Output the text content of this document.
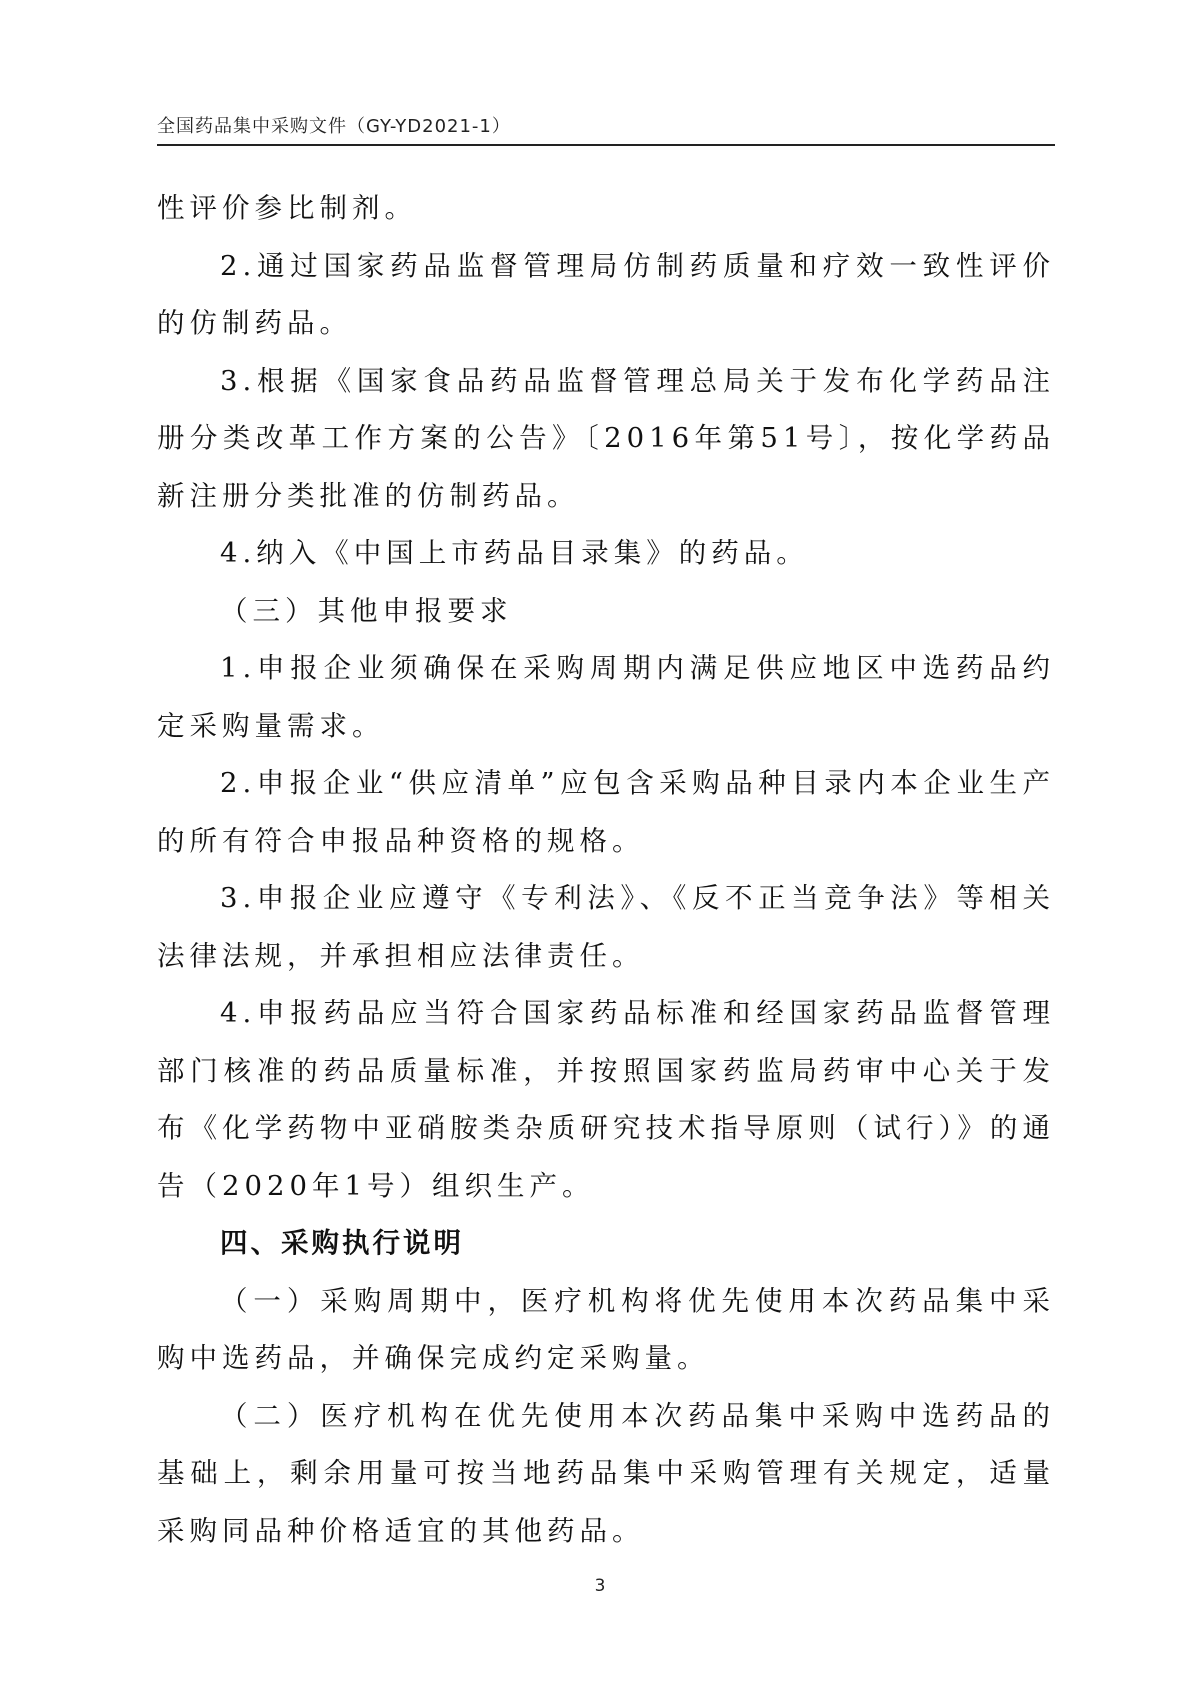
全国药品集中采购文件（GY-YD2021-1）

性评价参比制剂。

2.通过国家药品监督管理局仿制药质量和疗效一致性评价的仿制药品。

3.根据《国家食品药品监督管理总局关于发布化学药品注册分类改革工作方案的公告》〔2016年第51号〕，按化学药品新注册分类批准的仿制药品。

4.纳入《中国上市药品目录集》的药品。

（三）其他申报要求

1.申报企业须确保在采购周期内满足供应地区中选药品约定采购量需求。

2.申报企业“供应清单”应包含采购品种目录内本企业生产的所有符合申报品种资格的规格。

3.申报企业应遵守《专利法》、《反不正当竞争法》等相关法律法规，并承担相应法律责任。

4.申报药品应当符合国家药品标准和经国家药品监督管理部门核准的药品质量标准，并按照国家药监局药审中心关于发布《化学药物中亚硝胺类杂质研究技术指导原则（试行）》的通告（2020年1号）组织生产。

四、采购执行说明

（一）采购周期中，医疗机构将优先使用本次药品集中采购中选药品，并确保完成约定采购量。

（二）医疗机构在优先使用本次药品集中采购中选药品的基础上，剩余用量可按当地药品集中采购管理有关规定，适量采购同品种价格适宜的其他药品。

3
